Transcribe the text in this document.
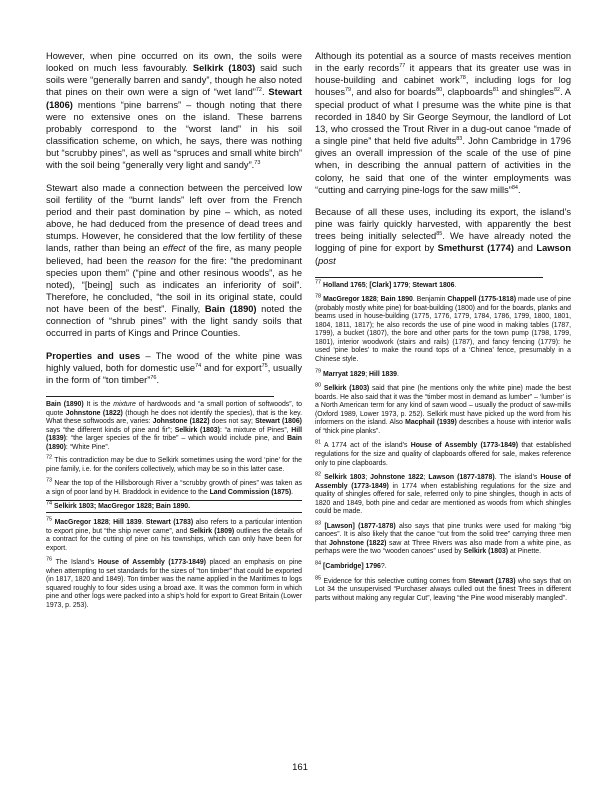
However, when pine occurred on its own, the soils were looked on much less favourably. Selkirk (1803) said such soils were “generally barren and sandy”, though he also noted that pines on their own were a sign of “wet land”$^{72}$. Stewart (1806) mentions “pine barrens” – though noting that there were no extensive ones on the island. These barrens probably correspond to the “worst land” in his soil classification scheme, on which, he says, there was nothing but “scrubby pines”, as well as “spruces and small white birch” with the soil being “generally very light and sandy”.$^{73}$

Stewart also made a connection between the perceived low soil fertility of the “burnt lands” left over from the French period and their past domination by pine – which, as noted above, he had deduced from the presence of dead trees and stumps. However, he considered that the low fertility of these lands, rather than being an effect of the fire, as many people believed, had been the reason for the fire: “the predominant species upon them” (“pine and other resinous woods”, as he noted), “[being] such as indicates an inferiority of soil”. Therefore, he concluded, “the soil in its original state, could not have been of the best”. Finally, Bain (1890) noted the connection of “shrub pines” with the light sandy soils that occurred in parts of Kings and Prince Counties.

Properties and uses – The wood of the white pine was highly valued, both for domestic use$^{74}$ and for export$^{75}$, usually in the form of “ton timber”$^{76}$.

Bain (1890) It is the mixture of hardwoods and “a small portion of softwoods”, to quote Johnstone (1822) (though he does not identify the species), that is the key. What these softwoods are, varies: Johnstone (1822) does not say; Stewart (1806) says “the different kinds of pine and fir”; Selkirk (1803): “a mixture of Pines”, Hill (1839): “the larger species of the fir tribe” – which would include pine, and Bain (1890): “White Pine”.

$^{72}$ This contradiction may be due to Selkirk sometimes using the word ‘pine’ for the pine family, i.e. for the conifers collectively, which may be so in this latter case.

$^{73}$ Near the top of the Hillsborough River a “scrubby growth of pines” was taken as a sign of poor land by H. Braddock in evidence to the Land Commission (1875).

$^{74}$ Selkirk 1803; MacGregor 1828; Bain 1890.

$^{75}$ MacGregor 1828; Hill 1839. Stewart (1783) also refers to a particular intention to export pine, but “the ship never came”, and Selkirk (1809) outlines the details of a contract for the cutting of pine on his townships, which can only have been for export.

$^{76}$ The Island’s House of Assembly (1773-1849) placed an emphasis on pine when attempting to set standards for the sizes of “ton timber” that could be exported (in 1817, 1820 and 1849). Ton timber was the name applied in the Maritimes to logs squared roughly to four sides using a broad axe. It was the common form in which pine and other logs were packed into a ship’s hold for export to Great Britain (Lower 1973, p. 253).

Although its potential as a source of masts receives mention in the early records$^{77}$ it appears that its greater use was in house-building and cabinet work$^{78}$, including logs for log houses$^{79}$, and also for boards$^{80}$, clapboards$^{81}$ and shingles$^{82}$. A special product of what I presume was the white pine is that recorded in 1840 by Sir George Seymour, the landlord of Lot 13, who crossed the Trout River in a dug-out canoe “made of a single pine” that held five adults$^{83}$. John Cambridge in 1796 gives an overall impression of the scale of the use of pine when, in describing the annual pattern of activities in the colony, he said that one of the winter employments was “cutting and carrying pine-logs for the saw mills”$^{84}$.

Because of all these uses, including its export, the island’s pine was fairly quickly harvested, with apparently the best trees being initially selected$^{85}$. We have already noted the logging of pine for export by Smethurst (1774) and Lawson (post

$^{77}$ Holland 1765; [Clark] 1779; Stewart 1806.

$^{78}$ MacGregor 1828; Bain 1890. Benjamin Chappell (1775-1818) made use of pine (probably mostly white pine) for boat-building (1800) and for the boards, planks and beams used in house-building (1775, 1776, 1779, 1784, 1786, 1799, 1800, 1801, 1804, 1811, 1817); he also records the use of pine wood in making tables (1787, 1799), a bucket (1807), the bore and other parts for the town pump (1798, 1799, 1801), interior woodwork (stairs and rails) (1787), and fancy fencing (1779): he used ‘pine boles’ to make the round tops of a ‘Chinea’ fence, presumably in a Chinese style.

$^{79}$ Marryat 1829; Hill 1839.

$^{80}$ Selkirk (1803) said that pine (he mentions only the white pine) made the best boards. He also said that it was the “timber most in demand as lumber” – ‘lumber’ is a North American term for any kind of sawn wood – usually the product of saw-mills (Oxford 1989, Lower 1973, p. 252). Selkirk must have picked up the word from his informers on the island. Also Macphail (1939) describes a house with interior walls of “thick pine planks”.

$^{81}$ A 1774 act of the island’s House of Assembly (1773-1849) that established regulations for the size and quality of clapboards offered for sale, makes reference only to pine clapboards.

$^{82}$ Selkirk 1803; Johnstone 1822; Lawson (1877-1878). The island’s House of Assembly (1773-1849) in 1774 when establishing regulations for the size and quality of shingles offered for sale, referred only to pine shingles, though in acts of 1820 and 1849, both pine and cedar are mentioned as woods from which shingles could be made.

$^{83}$ [Lawson] (1877-1878) also says that pine trunks were used for making “big canoes”. It is also likely that the canoe “cut from the solid tree” carrying three men that Johnstone (1822) saw at Three Rivers was also made from a white pine, as perhaps were the two “wooden canoes” used by Selkirk (1803) at Pinette.

$^{84}$ [Cambridge] 1796?.

$^{85}$ Evidence for this selective cutting comes from Stewart (1783) who says that on Lot 34 the unsupervised “Purchaser always culled out the finest Trees in different parts without making any regular Cut”, leaving “the Pine wood miserably mangled”.

161
